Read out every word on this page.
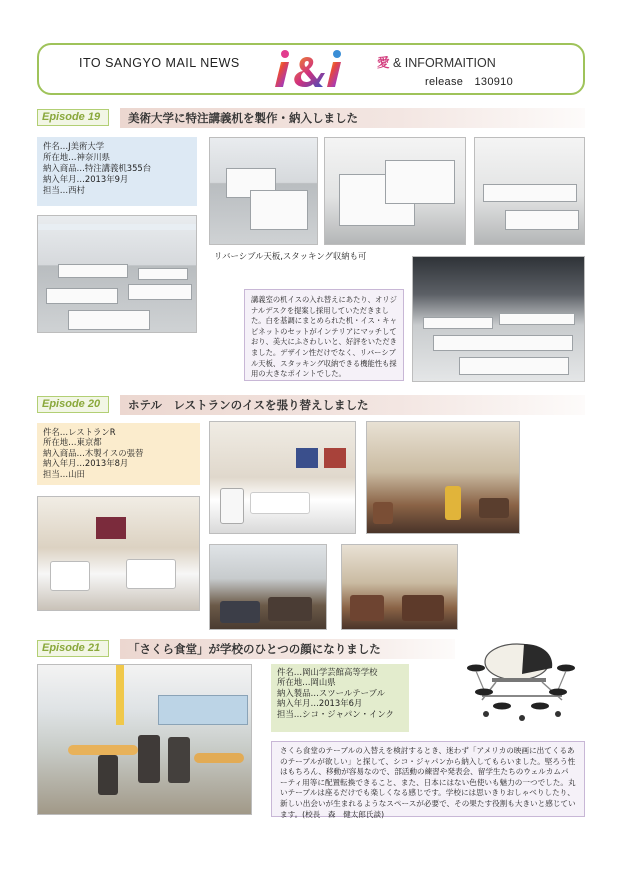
ITO SANGYO MAIL NEWS	愛 & INFORMAITION
release　130910
Episode 19	美術大学に特注講義机を製作・納入しました
件名…J美術大学
所在地…神奈川県
納入商品…特注講義机355台
納入年月…2013年9月
担当…西村
リバーシブル天板,スタッキング収納も可
講義室の机イスの入れ替えにあたり、オリジナルデスクを提案し採用していただきました。白を基調にまとめられた机・イス・キャビネットのセットがインテリアにマッチしており、美大にふさわしいと、好評をいただきました。デザイン性だけでなく、リバーシブル天板、スタッキング収納できる機能性も採用の大きなポイントでした。
Episode 20	ホテル　レストランのイスを張り替えしました
件名…レストランR
所在地…東京都
納入商品…木製イスの張替
納入年月…2013年8月
担当…山田
Episode 21	「さくら食堂」が学校のひとつの顔になりました
件名…岡山学芸館高等学校
所在地…岡山県
納入製品…スツールテーブル
納入年月…2013年6月
担当…シコ・ジャパン・インク
さくら食堂のテーブルの入替えを検討するとき、迷わず「アメリカの映画に出てくるあのテーブルが欲しい」と探して、シコ・ジャパンから納入してもらいました。堅ろう性はもちろん、移動が容易なので、部活動の練習や発表会、留学生たちのウェルカムパーティ用等に配置転換できること、また、日本にはない色使いも魅力の一つでした。丸いテーブルは座るだけでも楽しくなる感じです。学校には思いきりおしゃべりしたり、新しい出会いが生まれるようなスペースが必要で、その果たす役割も大きいと感じています。(校長　森　健太郎氏談)
